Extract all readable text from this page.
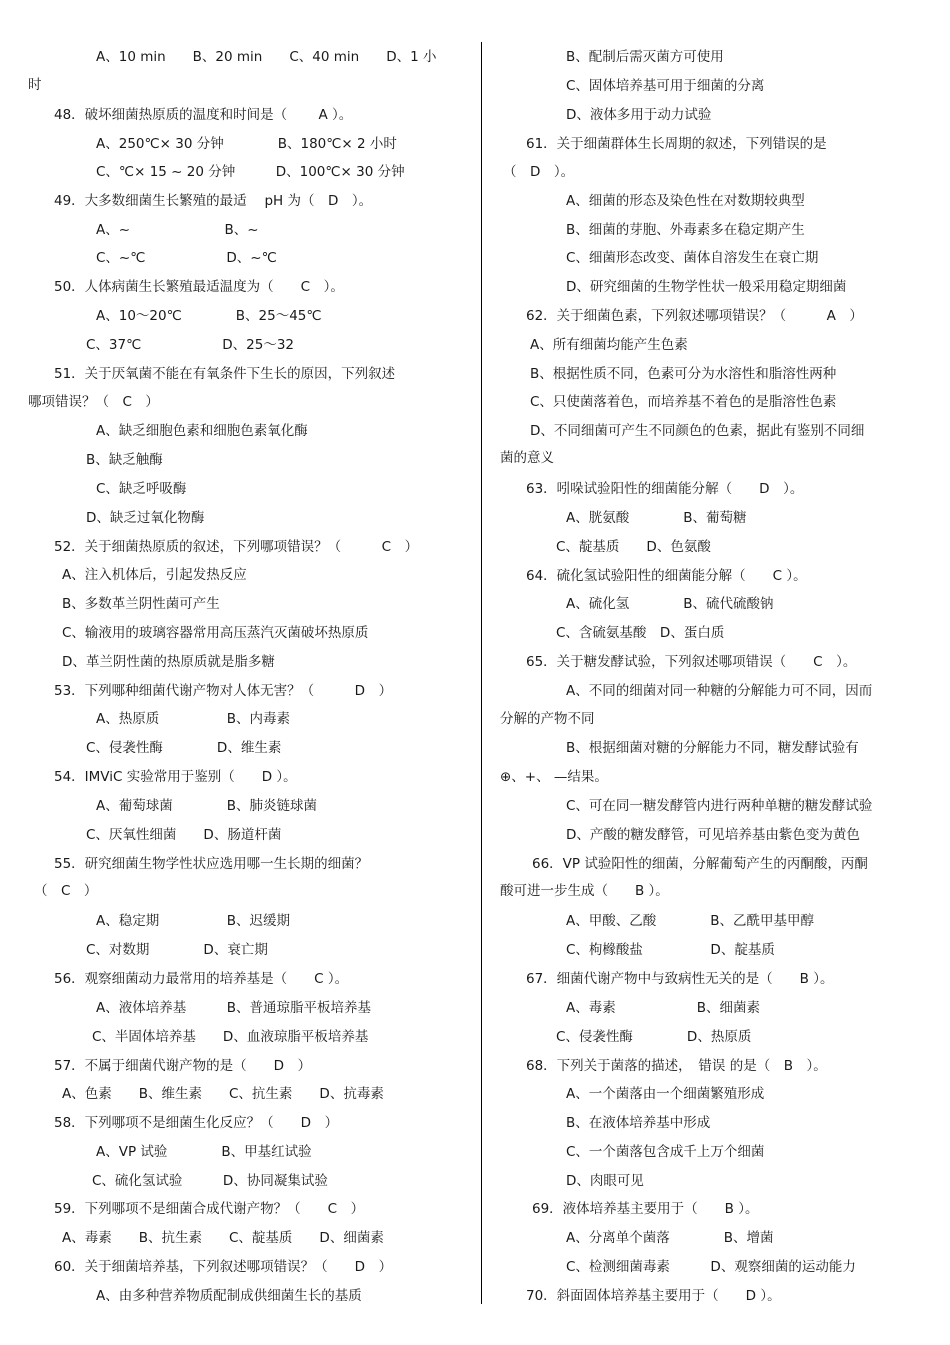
A、10 min　　B、20 min　　C、40 min　　D、1 小
时
48．破坏细菌热原质的温度和时间是（　　 A ）。
A、250℃× 30 分钟　　　　B、180℃× 2 小时
C、℃× 15 ~ 20 分钟　　　D、100℃× 30 分钟
49．大多数细菌生长繁殖的最适　 pH 为（　D　）。
A、~　　　　　　　B、~
C、~℃　　　　　　D、~℃
50．人体病菌生长繁殖最适温度为（　　C　）。
A、10～20℃　　　　B、25～45℃
C、37℃　　　　　　D、25～32
51．关于厌氧菌不能在有氧条件下生长的原因，下列叙述
哪项错误？（　C　）
A、缺乏细胞色素和细胞色素氧化酶
B、缺乏触酶
C、缺乏呼吸酶
D、缺乏过氧化物酶
52．关于细菌热原质的叙述，下列哪项错误？（　　　C　）
A、注入机体后，引起发热反应
B、多数革兰阴性菌可产生
C、输液用的玻璃容器常用高压蒸汽灭菌破坏热原质
D、革兰阴性菌的热原质就是脂多糖
53．下列哪种细菌代谢产物对人体无害？（　　　D　）
A、热原质　　　　　B、内毒素
C、侵袭性酶　　　　D、维生素
54．IMViC 实验常用于鉴别（　　D ）。
A、葡萄球菌　　　　B、肺炎链球菌
C、厌氧性细菌　　D、肠道杆菌
55．研究细菌生物学性状应选用哪一生长期的细菌？
（　C　）
A、稳定期　　　　　B、迟缓期
C、对数期　　　　D、衰亡期
56．观察细菌动力最常用的培养基是（　　C ）。
A、液体培养基　　　B、普通琼脂平板培养基
C、半固体培养基　　D、血液琼脂平板培养基
57．不属于细菌代谢产物的是（　　D　）
A、色素　　B、维生素　　C、抗生素　　D、抗毒素
58．下列哪项不是细菌生化反应？（　　D　）
A、VP 试验　　　　B、甲基红试验
C、硫化氢试验　　　D、协同凝集试验
59．下列哪项不是细菌合成代谢产物？（　　C　）
A、毒素　　B、抗生素　　C、靛基质　　D、细菌素
60．关于细菌培养基，下列叙述哪项错误？（　　D　）
A、由多种营养物质配制成供细菌生长的基质
B、配制后需灭菌方可使用
C、固体培养基可用于细菌的分离
D、液体多用于动力试验
61．关于细菌群体生长周期的叙述，下列错误的是
（　D　）。
A、细菌的形态及染色性在对数期较典型
B、细菌的芽胞、外毒素多在稳定期产生
C、细菌形态改变、菌体自溶发生在衰亡期
D、研究细菌的生物学性状一般采用稳定期细菌
62．关于细菌色素，下列叙述哪项错误？（　　　A　）
A、所有细菌均能产生色素
B、根据性质不同，色素可分为水溶性和脂溶性两种
C、只使菌落着色，而培养基不着色的是脂溶性色素
D、不同细菌可产生不同颜色的色素，据此有鉴别不同细
菌的意义
63．吲哚试验阳性的细菌能分解（　　D　）。
A、胱氨酸　　　　B、葡萄糖
C、靛基质　　D、色氨酸
64．硫化氢试验阳性的细菌能分解（　　C ）。
A、硫化氢　　　　B、硫代硫酸钠
C、含硫氨基酸　D、蛋白质
65．关于糖发酵试验，下列叙述哪项错误（　　C　）。
A、不同的细菌对同一种糖的分解能力可不同，因而
分解的产物不同
B、根据细菌对糖的分解能力不同，糖发酵试验有
⊕、+、 —结果。
C、可在同一糖发酵管内进行两种单糖的糖发酵试验
D、产酸的糖发酵管，可见培养基由紫色变为黄色
66．VP 试验阳性的细菌，分解葡萄产生的丙酮酸，丙酮
酸可进一步生成（　　B ）。
A、甲酸、乙酸　　　　B、乙酰甲基甲醇
C、枸橼酸盐　　　　　D、靛基质
67．细菌代谢产物中与致病性无关的是（　　B ）。
A、毒素　　　　　　B、细菌素
C、侵袭性酶　　　　D、热原质
68．下列关于菌落的描述，　错误 的是（　B　）。
A、一个菌落由一个细菌繁殖形成
B、在液体培养基中形成
C、一个菌落包含成千上万个细菌
D、肉眼可见
69．液体培养基主要用于（　　B ）。
A、分离单个菌落　　　　B、增菌
C、检测细菌毒素　　　D、观察细菌的运动能力
70．斜面固体培养基主要用于（　　D ）。
